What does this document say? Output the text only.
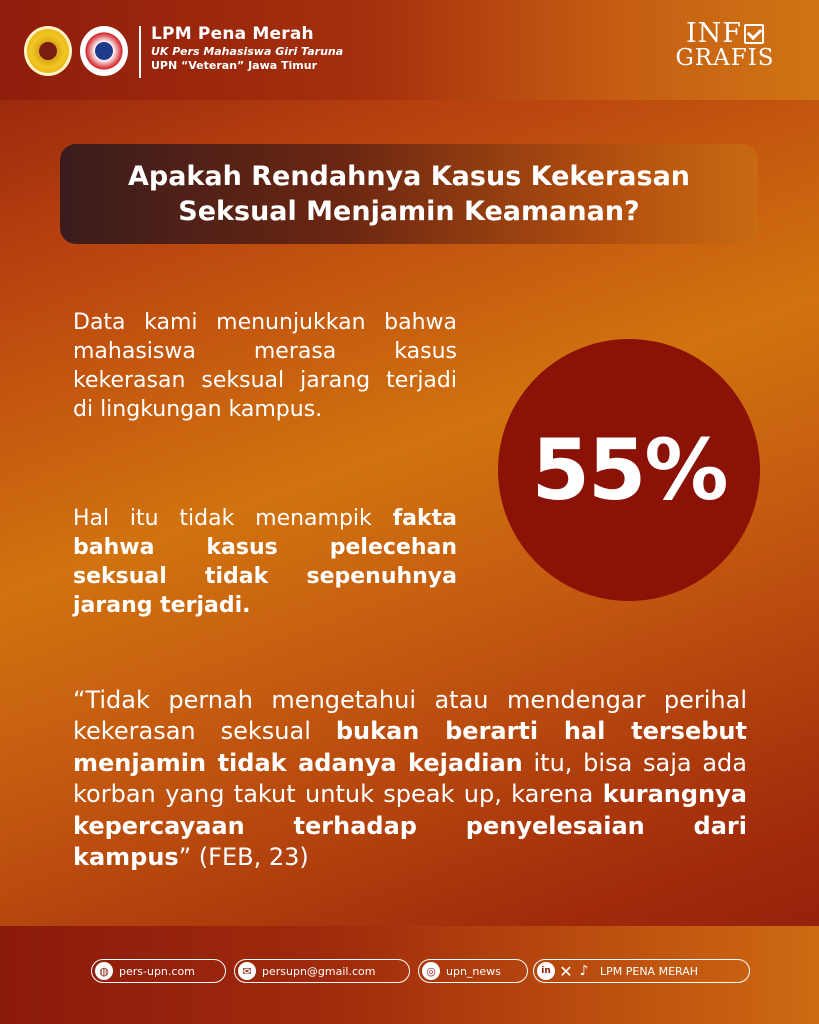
LPM Pena Merah
UK Pers Mahasiswa Giri Taruna
UPN “Veteran” Jawa Timur
INF
GRAFIS
Apakah Rendahnya Kasus Kekerasan
Seksual Menjamin Keamanan?
Data kami menunjukkan bahwa mahasiswa merasa kasus kekerasan seksual jarang terjadi di lingkungan kampus.
Hal itu tidak menampik fakta bahwa kasus pelecehan seksual tidak sepenuhnya jarang terjadi.
55%
“Tidak pernah mengetahui atau mendengar perihal kekerasan seksual bukan berarti hal tersebut menjamin tidak adanya kejadian itu, bisa saja ada korban yang takut untuk speak up, karena kurangnya kepercayaan terhadap penyelesaian dari kampus” (FEB, 23)
◍ pers-upn.com	✉ persupn@gmail.com	◎ upn_news	in ✕ ♪ LPM PENA MERAH
